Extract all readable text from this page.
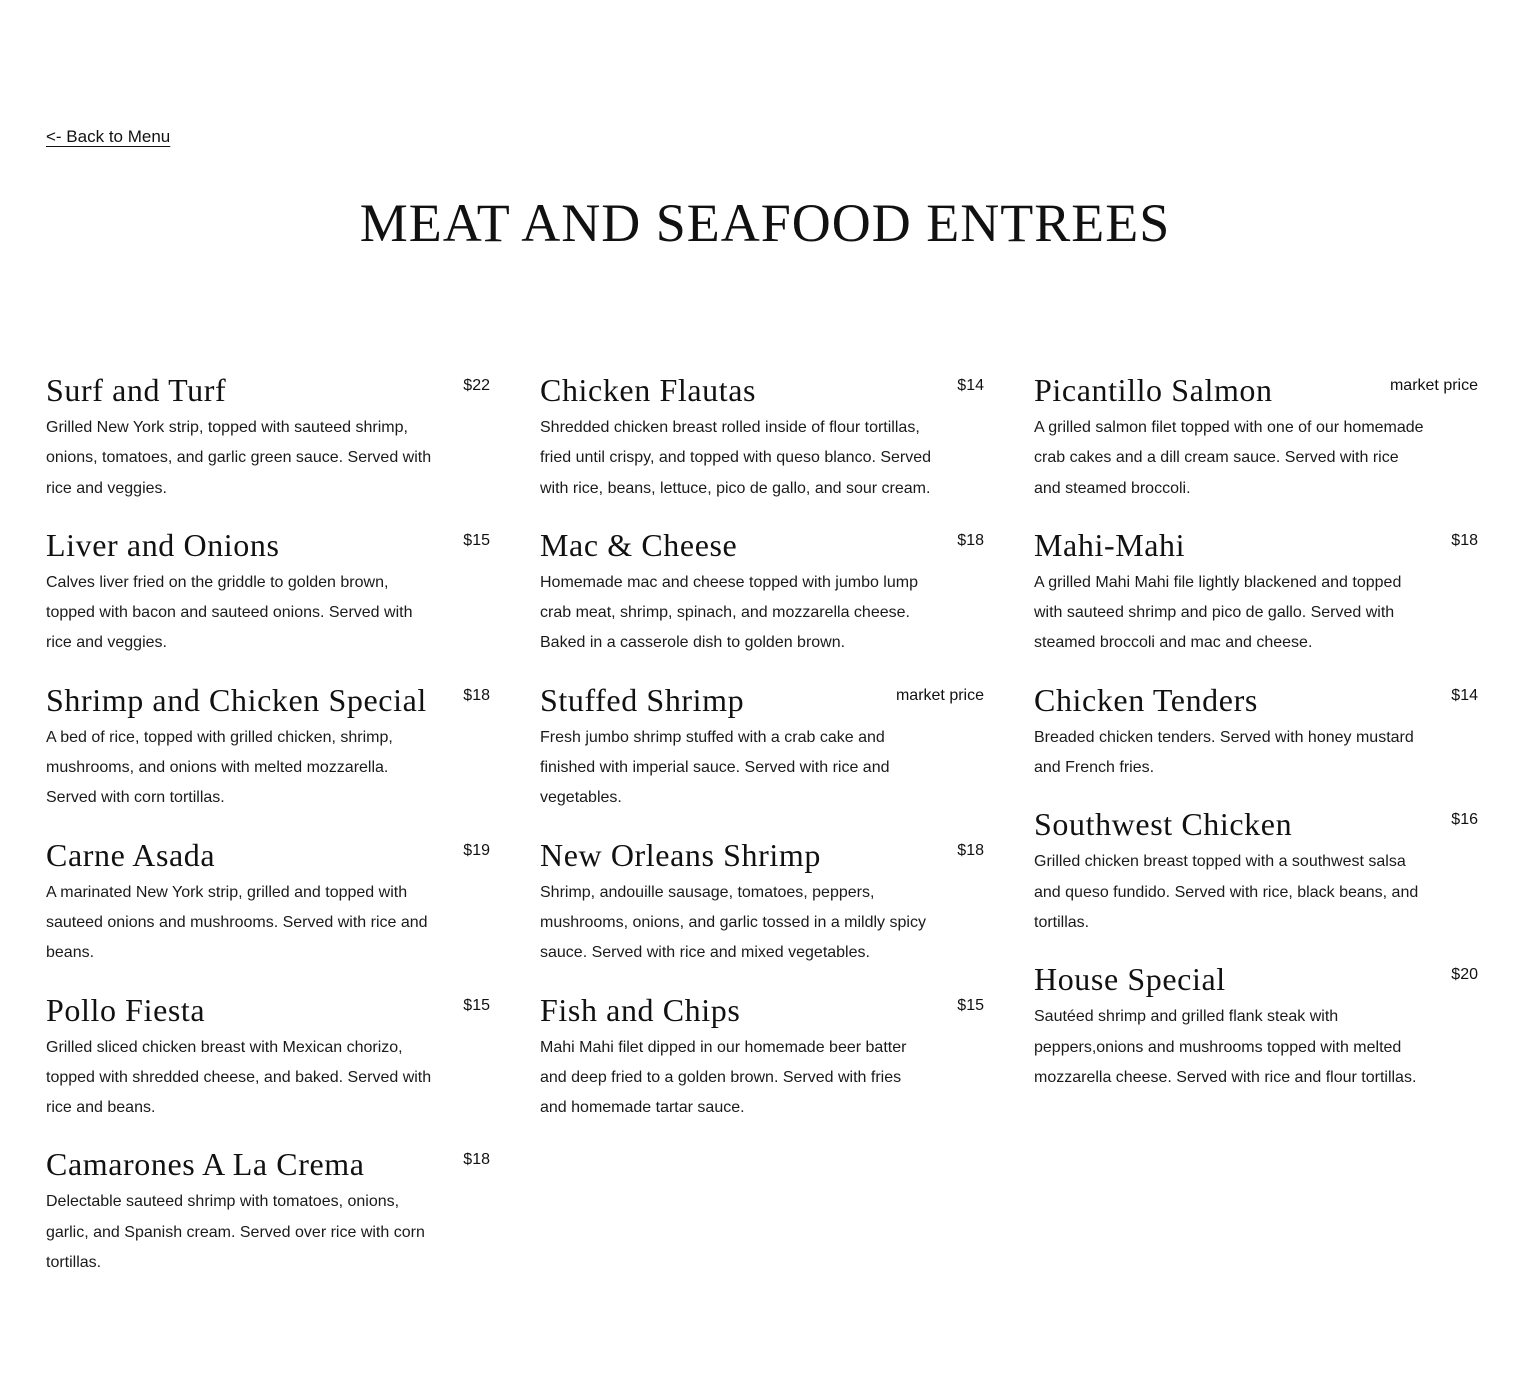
<- Back to Menu
MEAT AND SEAFOOD ENTREES
Surf and Turf	$22
Grilled New York strip, topped with sauteed shrimp, onions, tomatoes, and garlic green sauce. Served with rice and veggies.
Liver and Onions	$15
Calves liver fried on the griddle to golden brown, topped with bacon and sauteed onions. Served with rice and veggies.
Shrimp and Chicken Special $18
A bed of rice, topped with grilled chicken, shrimp, mushrooms, and onions with melted mozzarella. Served with corn tortillas.
Carne Asada	$19
A marinated New York strip, grilled and topped with sauteed onions and mushrooms. Served with rice and beans.
Pollo Fiesta	$15
Grilled sliced chicken breast with Mexican chorizo, topped with shredded cheese, and baked. Served with rice and beans.
Camarones A La Crema	$18
Delectable sauteed shrimp with tomatoes, onions, garlic, and Spanish cream. Served over rice with corn tortillas.
Chicken Flautas	$14
Shredded chicken breast rolled inside of flour tortillas, fried until crispy, and topped with queso blanco. Served with rice, beans, lettuce, pico de gallo, and sour cream.
Mac & Cheese	$18
Homemade mac and cheese topped with jumbo lump crab meat, shrimp, spinach, and mozzarella cheese. Baked in a casserole dish to golden brown.
Stuffed Shrimp	market price
Fresh jumbo shrimp stuffed with a crab cake and finished with imperial sauce. Served with rice and vegetables.
New Orleans Shrimp	$18
Shrimp, andouille sausage, tomatoes, peppers, mushrooms, onions, and garlic tossed in a mildly spicy sauce. Served with rice and mixed vegetables.
Fish and Chips	$15
Mahi Mahi filet dipped in our homemade beer batter and deep fried to a golden brown. Served with fries and homemade tartar sauce.
Picantillo Salmon	market price
A grilled salmon filet topped with one of our homemade crab cakes and a dill cream sauce. Served with rice and steamed broccoli.
Mahi-Mahi	$18
A grilled Mahi Mahi file lightly blackened and topped with sauteed shrimp and pico de gallo. Served with steamed broccoli and mac and cheese.
Chicken Tenders	$14
Breaded chicken tenders. Served with honey mustard and French fries.
Southwest Chicken	$16
Grilled chicken breast topped with a southwest salsa and queso fundido. Served with rice, black beans, and tortillas.
House Special	$20
Sautéed shrimp and grilled flank steak with peppers,onions and mushrooms topped with melted mozzarella cheese. Served with rice and flour tortillas.
